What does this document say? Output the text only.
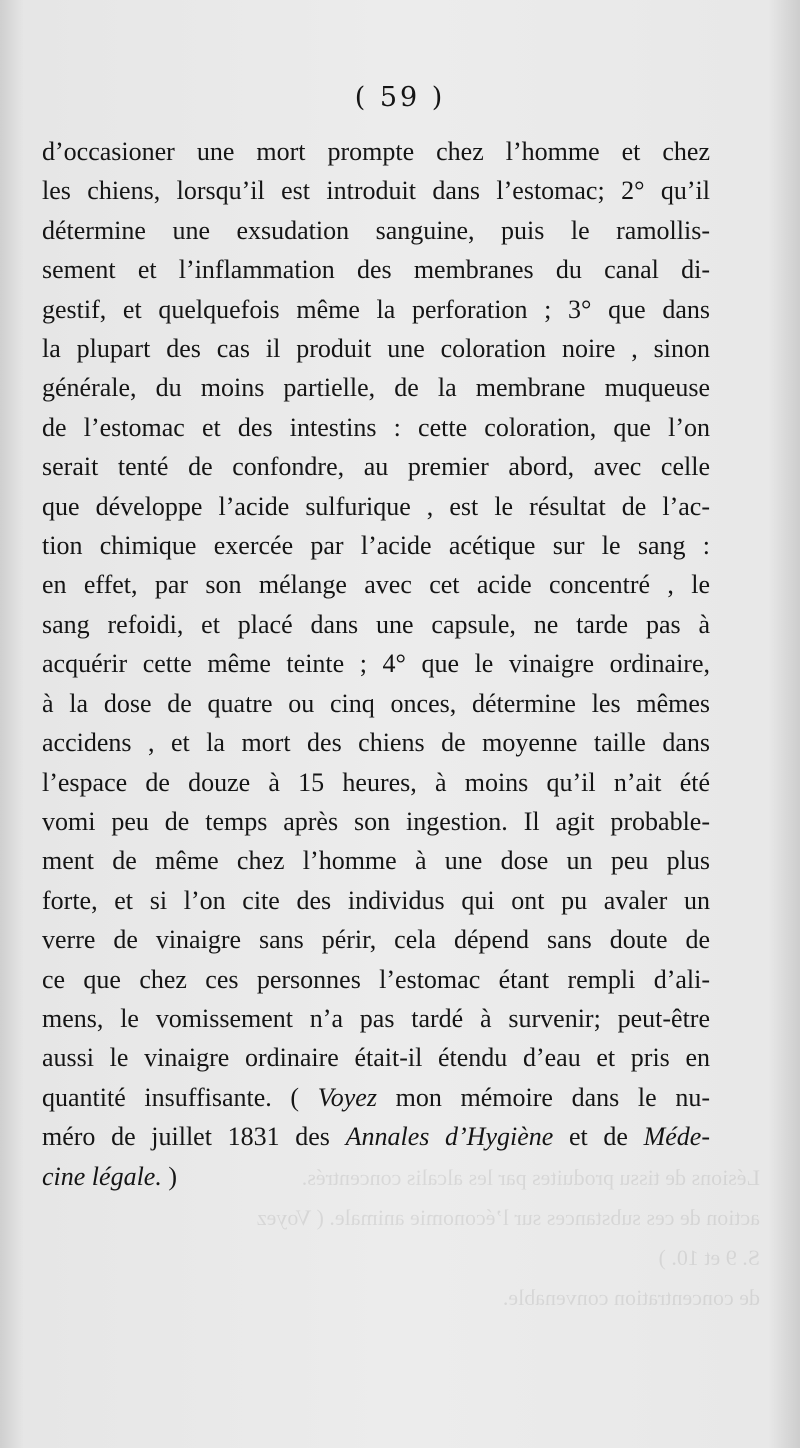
Lésions de tissu produites par les alcalis concentrés.
action de ces substances sur l’économie animale. ( Voyez
S. 9 et 10. )
de concentration convenable.
( 59 )
d’occasioner une mort prompte chez l’homme et chez
les chiens, lorsqu’il est introduit dans l’estomac; 2° qu’il
détermine une exsudation sanguine, puis le ramollis-
sement et l’inflammation des membranes du canal di-
gestif, et quelquefois même la perforation ; 3° que dans
la plupart des cas il produit une coloration noire , sinon
générale, du moins partielle, de la membrane muqueuse
de l’estomac et des intestins : cette coloration, que l’on
serait tenté de confondre, au premier abord, avec celle
que développe l’acide sulfurique , est le résultat de l’ac-
tion chimique exercée par l’acide acétique sur le sang :
en effet, par son mélange avec cet acide concentré , le
sang refoidi, et placé dans une capsule, ne tarde pas à
acquérir cette même teinte ; 4° que le vinaigre ordinaire,
à la dose de quatre ou cinq onces, détermine les mêmes
accidens , et la mort des chiens de moyenne taille dans
l’espace de douze à 15 heures, à moins qu’il n’ait été
vomi peu de temps après son ingestion. Il agit probable-
ment de même chez l’homme à une dose un peu plus
forte, et si l’on cite des individus qui ont pu avaler un
verre de vinaigre sans périr, cela dépend sans doute de
ce que chez ces personnes l’estomac étant rempli d’ali-
mens, le vomissement n’a pas tardé à survenir; peut-être
aussi le vinaigre ordinaire était-il étendu d’eau et pris en
quantité insuffisante. ( Voyez mon mémoire dans le nu-
méro de juillet 1831 des Annales d’Hygiène et de Méde-
cine légale. )
